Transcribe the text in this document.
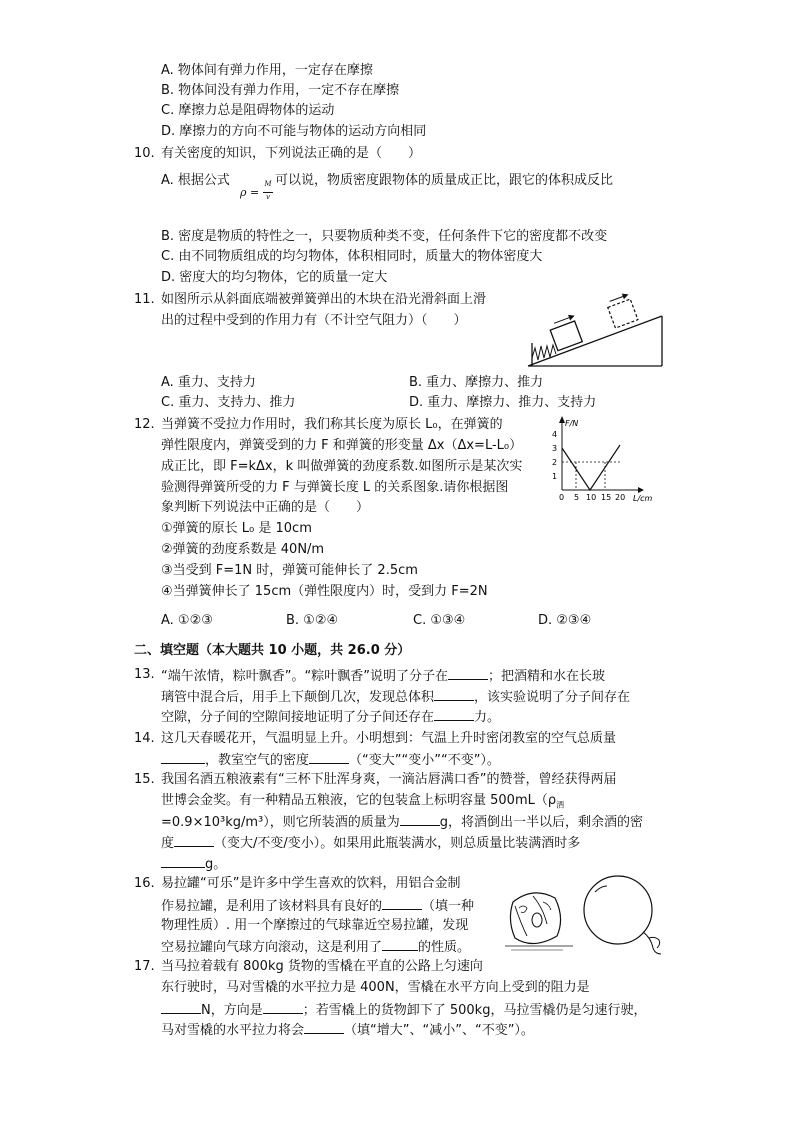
A. 物体间有弹力作用，一定存在摩擦
B. 物体间没有弹力作用，一定不存在摩擦
C. 摩擦力总是阻碍物体的运动
D. 摩擦力的方向不可能与物体的运动方向相同
10. 有关密度的知识，下列说法正确的是（　　）
A. 根据公式
ρ =
M
v
可以说，物质密度跟物体的质量成正比，跟它的体积成反比
B. 密度是物质的特性之一，只要物质种类不变，任何条件下它的密度都不改变
C. 由不同物质组成的均匀物体，体积相同时，质量大的物体密度大
D. 密度大的均匀物体，它的质量一定大
11. 如图所示从斜面底端被弹簧弹出的木块在沿光滑斜面上滑
出的过程中受到的作用力有（不计空气阻力）（　　）
A. 重力、支持力	B. 重力、摩擦力、推力
C. 重力、支持力、推力	D. 重力、摩擦力、推力、支持力
12. 当弹簧不受拉力作用时，我们称其长度为原长 L₀，在弹簧的
弹性限度内，弹簧受到的力 F 和弹簧的形变量 Δx（Δx=L-L₀）
成正比，即 F=kΔx，k 叫做弹簧的劲度系数.如图所示是某次实
验测得弹簧所受的力 F 与弹簧长度 L 的关系图象.请你根据图
象判断下列说法中正确的是（　　）
①弹簧的原长 L₀ 是 10cm
②弹簧的劲度系数是 40N/m
③当受到 F=1N 时，弹簧可能伸长了 2.5cm
④当弹簧伸长了 15cm（弹性限度内）时，受到力 F=2N
A. ①②③	B. ①②④	C. ①③④	D. ②③④
F/N
L/cm
4
3
2
1
0 5 10 15 20
二、填空题（本大题共 10 小题，共 26.0 分）
13. “端午浓情，粽叶飘香”。“粽叶飘香”说明了分子在	；把酒精和水在长玻
璃管中混合后，用手上下颠倒几次，发现总体积	，该实验说明了分子间存在
空隙，分子间的空隙间接地证明了分子间还存在	力。
14. 这几天春暖花开，气温明显上升。小明想到：气温上升时密闭教室的空气总质量
，教室空气的密度	（“变大”“变小”“不变”）。
15. 我国名酒五粮液素有“三杯下肚浑身爽，一滴沾唇满口香”的赞誉，曾经获得两届
世博会金奖。有一种精品五粮液，它的包装盒上标明容量 $500mL(\rho_酒$
=0.9×10³kg/m³），则它所装酒的质量为	g，将酒倒出一半以后，剩余酒的密
度	（变大/不变/变小）。如果用此瓶装满水，则总质量比装满酒时多
g。
16. 易拉罐“可乐”是许多中学生喜欢的饮料，用铝合金制
作易拉罐，是利用了该材料具有良好的	（填一种
物理性质）. 用一个摩擦过的气球靠近空易拉罐，发现
空易拉罐向气球方向滚动，这是利用了	的性质。
17. 当马拉着载有 800kg 货物的雪橇在平直的公路上匀速向
东行驶时，马对雪橇的水平拉力是 400N，雪橇在水平方向上受到的阻力是
N，方向是	；若雪橇上的货物卸下了 500kg，马拉雪橇仍是匀速行驶，
马对雪橇的水平拉力将会	（填“增大”、“减小”、“不变”）。
